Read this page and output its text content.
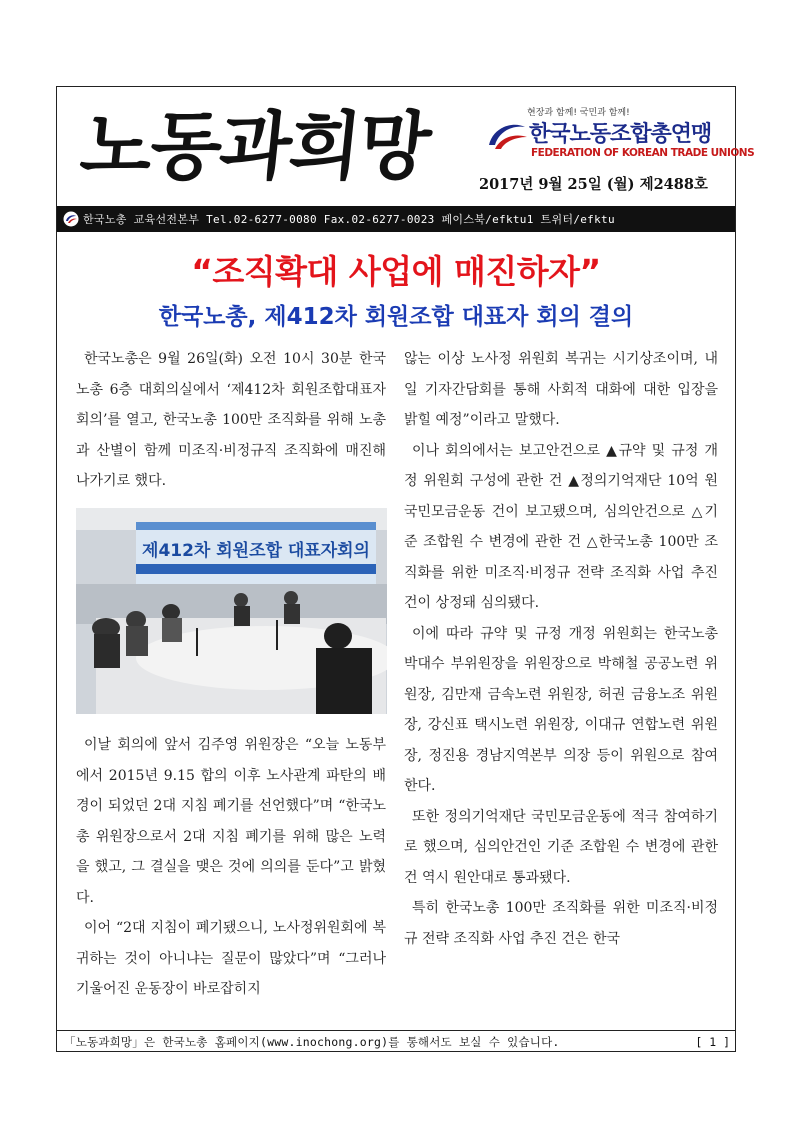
노동과희망	현장과 함께! 국민과 함께!
한국노동조합총연맹
FEDERATION OF KOREAN TRADE UNIONS
2017년 9월 25일 (월) 제2488호
한국노총 교육선전본부 Tel.02-6277-0080 Fax.02-6277-0023 페이스북/efktu1 트위터/efktu
“조직확대 사업에 매진하자”
한국노총, 제412차 회원조합 대표자 회의 결의

한국노총은 9월 26일(화) 오전 10시 30분 한국노총 6층 대회의실에서 ‘제412차 회원조합대표자 회의’를 열고, 한국노총 100만 조직화를 위해 노총과 산별이 함께 미조직·비정규직 조직화에 매진해 나가기로 했다.

제412차 회원조합 대표자회의

이날 회의에 앞서 김주영 위원장은 “오늘 노동부에서 2015년 9.15 합의 이후 노사관계 파탄의 배경이 되었던 2대 지침 폐기를 선언했다”며 “한국노총 위원장으로서 2대 지침 폐기를 위해 많은 노력을 했고, 그 결실을 맺은 것에 의의를 둔다”고 밝혔다.

이어 “2대 지침이 폐기됐으니, 노사정위원회에 복귀하는 것이 아니냐는 질문이 많았다”며 “그러나 기울어진 운동장이 바로잡히지

않는 이상 노사정 위원회 복귀는 시기상조이며, 내일 기자간담회를 통해 사회적 대화에 대한 입장을 밝힐 예정”이라고 말했다.

이나 회의에서는 보고안건으로 ▲규약 및 규정 개정 위원회 구성에 관한 건 ▲정의기억재단 10억 원 국민모금운동 건이 보고됐으며, 심의안건으로 △기준 조합원 수 변경에 관한 건 △한국노총 100만 조직화를 위한 미조직·비정규 전략 조직화 사업 추진 건이 상정돼 심의됐다.

이에 따라 규약 및 규정 개정 위원회는 한국노총 박대수 부위원장을 위원장으로 박해철 공공노련 위원장, 김만재 금속노련 위원장, 허권 금융노조 위원장, 강신표 택시노련 위원장, 이대규 연합노련 위원장, 정진용 경남지역본부 의장 등이 위원으로 참여한다.

또한 정의기억재단 국민모금운동에 적극 참여하기로 했으며, 심의안건인 기준 조합원 수 변경에 관한 건 역시 원안대로 통과됐다.

특히 한국노총 100만 조직화를 위한 미조직·비정규 전략 조직화 사업 추진 건은 한국

「노동과희망」은 한국노총 홈페이지(www.inochong.org)를 통해서도 보실 수 있습니다.	[ 1 ]
